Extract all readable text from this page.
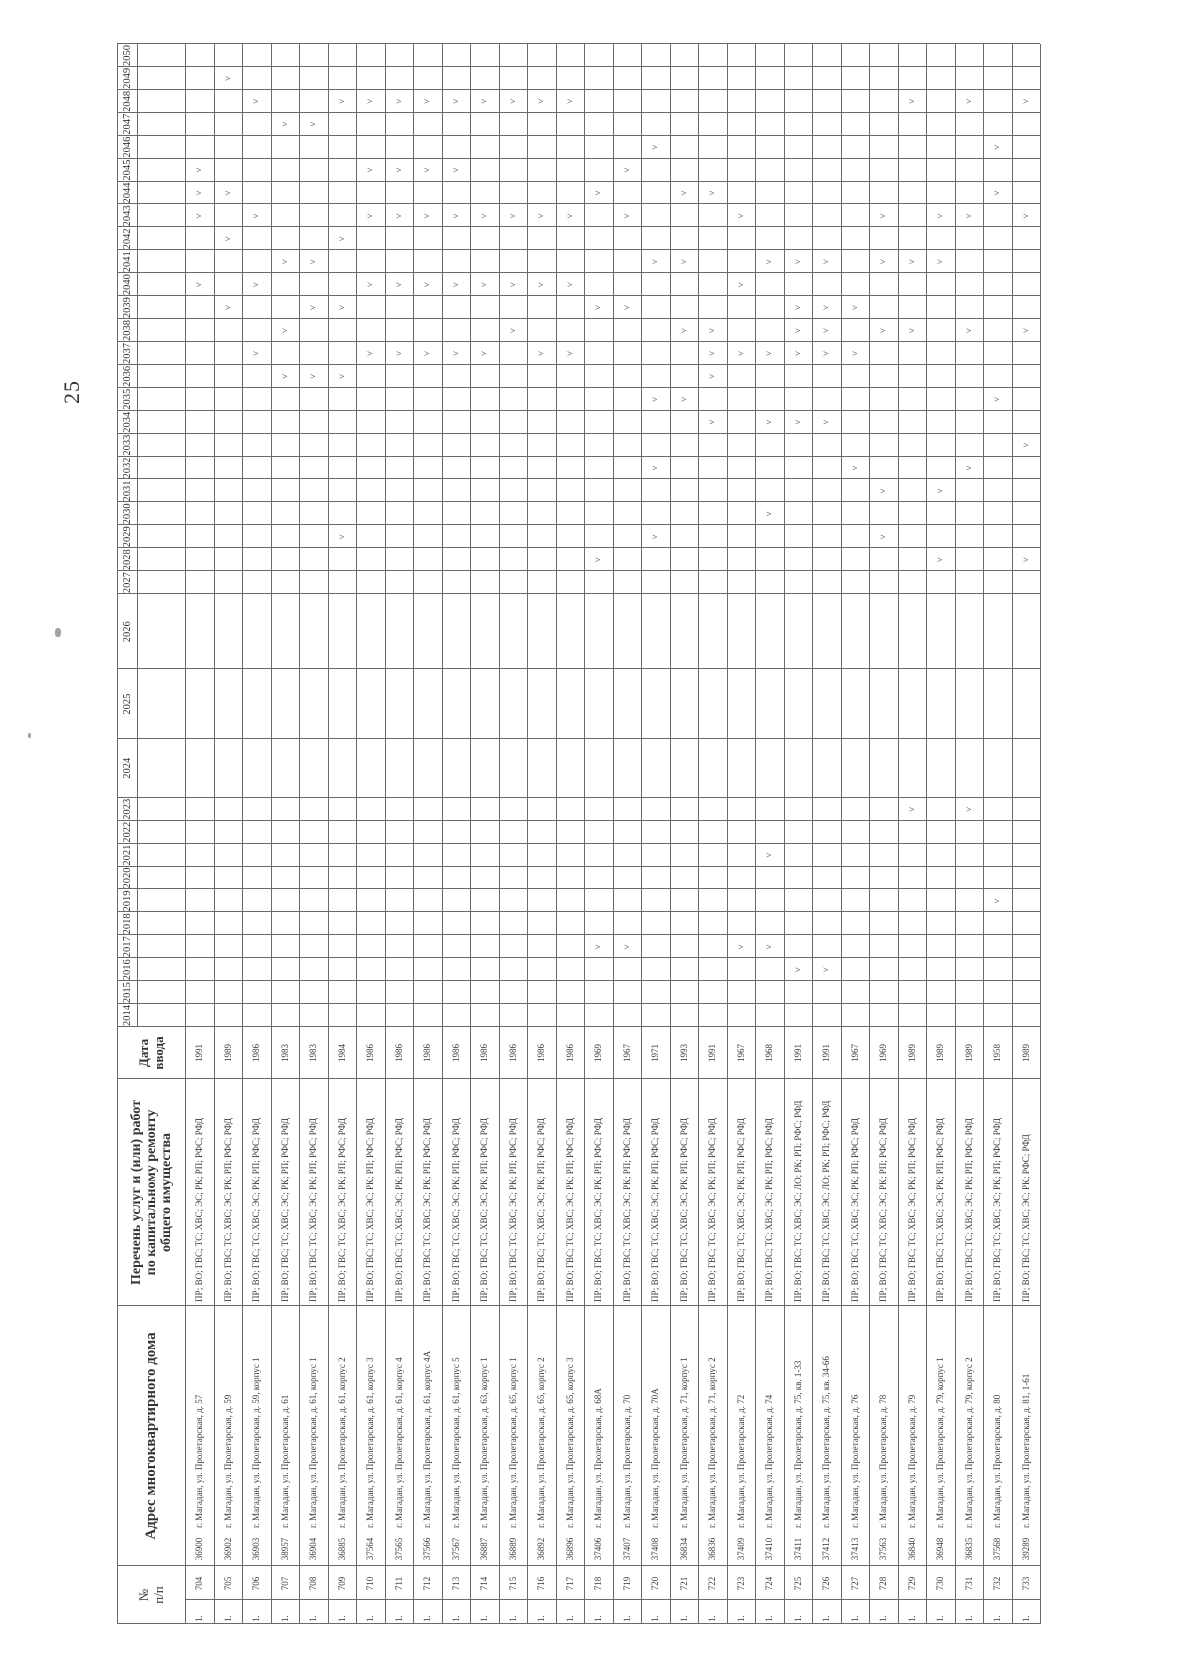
25
№
п/п
Адрес многоквартирного дома
Перечень услуг и (или) работ по капитальному ремонту общего имущества
Дата
ввода
2014
2015
2016
2017
2018
2019
2020
2021
2022
2023
2024
2025
2026
2027
2028
2029
2030
2031
2032
2033
2034
2035
2036
2037
2038
2039
2040
2041
2042
2043
2044
2045
2046
2047
2048
2049
2050
1.
704
36900
г. Магадан, ул. Пролетарская, д. 57
ПР; ВО; ГВС; ТС; ХВС; ЭС; РК; РП; РФС; РФД
1991
˅
˅
˅
˅
1.
705
36902
г. Магадан, ул. Пролетарская, д. 59
ПР; ВО; ГВС; ТС; ХВС; ЭС; РК; РП; РФС; РФД
1989
˅
˅
˅
˅
1.
706
36903
г. Магадан, ул. Пролетарская, д. 59, корпус 1
ПР; ВО; ГВС; ТС; ХВС; ЭС; РК; РП; РФС; РФД
1986
˅
˅
˅
˅
1.
707
38957
г. Магадан, ул. Пролетарская, д. 61
ПР; ВО; ГВС; ТС; ХВС; ЭС; РК; РП; РФС; РФД
1983
˅
˅
˅
˅
1.
708
36904
г. Магадан, ул. Пролетарская, д. 61, корпус 1
ПР; ВО; ГВС; ТС; ХВС; ЭС; РК; РП; РФС; РФД
1983
˅
˅
˅
˅
1.
709
36885
г. Магадан, ул. Пролетарская, д. 61, корпус 2
ПР; ВО; ГВС; ТС; ХВС; ЭС; РК; РП; РФС; РФД
1984
˅
˅
˅
˅
˅
1.
710
37564
г. Магадан, ул. Пролетарская, д. 61, корпус 3
ПР; ВО; ГВС; ТС; ХВС; ЭС; РК; РП; РФС; РФД
1986
˅
˅
˅
˅
˅
1.
711
37565
г. Магадан, ул. Пролетарская, д. 61, корпус 4
ПР; ВО; ГВС; ТС; ХВС; ЭС; РК; РП; РФС; РФД
1986
˅
˅
˅
˅
˅
1.
712
37566
г. Магадан, ул. Пролетарская, д. 61, корпус 4А
ПР; ВО; ГВС; ТС; ХВС; ЭС; РК; РП; РФС; РФД
1986
˅
˅
˅
˅
˅
1.
713
37567
г. Магадан, ул. Пролетарская, д. 61, корпус 5
ПР; ВО; ГВС; ТС; ХВС; ЭС; РК; РП; РФС; РФД
1986
˅
˅
˅
˅
˅
1.
714
36887
г. Магадан, ул. Пролетарская, д. 63, корпус 1
ПР; ВО; ГВС; ТС; ХВС; ЭС; РК; РП; РФС; РФД
1986
˅
˅
˅
˅
1.
715
36889
г. Магадан, ул. Пролетарская, д. 65, корпус 1
ПР; ВО; ГВС; ТС; ХВС; ЭС; РК; РП; РФС; РФД
1986
˅
˅
˅
˅
1.
716
36892
г. Магадан, ул. Пролетарская, д. 65, корпус 2
ПР; ВО; ГВС; ТС; ХВС; ЭС; РК; РП; РФС; РФД
1986
˅
˅
˅
˅
1.
717
36896
г. Магадан, ул. Пролетарская, д. 65, корпус 3
ПР; ВО; ГВС; ТС; ХВС; ЭС; РК; РП; РФС; РФД
1986
˅
˅
˅
˅
1.
718
37406
г. Магадан, ул. Пролетарская, д. 68А
ПР; ВО; ГВС; ТС; ХВС; ЭС; РК; РП; РФС; РФД
1969
˅
˅
˅
˅
1.
719
37407
г. Магадан, ул. Пролетарская, д. 70
ПР; ВО; ГВС; ТС; ХВС; ЭС; РК; РП; РФС; РФД
1967
˅
˅
˅
˅
1.
720
37408
г. Магадан, ул. Пролетарская, д. 70А
ПР; ВО; ГВС; ТС; ХВС; ЭС; РК; РП; РФС; РФД
1971
˅
˅
˅
˅
˅
1.
721
36834
г. Магадан, ул. Пролетарская, д. 71, корпус 1
ПР; ВО; ГВС; ТС; ХВС; ЭС; РК; РП; РФС; РФД
1993
˅
˅
˅
˅
1.
722
36836
г. Магадан, ул. Пролетарская, д. 71, корпус 2
ПР; ВО; ГВС; ТС; ХВС; ЭС; РК; РП; РФС; РФД
1991
˅
˅
˅
˅
˅
1.
723
37409
г. Магадан, ул. Пролетарская, д. 72
ПР; ВО; ГВС; ТС; ХВС; ЭС; РК; РП; РФС; РФД
1967
˅
˅
˅
˅
1.
724
37410
г. Магадан, ул. Пролетарская, д. 74
ПР; ВО; ГВС; ТС; ХВС; ЭС; РК; РП; РФС; РФД
1968
˅
˅
˅
˅
˅
˅
1.
725
37411
г. Магадан, ул. Пролетарская, д. 75, кв. 1-33
ПР; ВО; ГВС; ТС; ХВС; ЭС; ЛО; РК; РП; РФС; РФД
1991
˅
˅
˅
˅
˅
˅
1.
726
37412
г. Магадан, ул. Пролетарская, д. 75, кв. 34-66
ПР; ВО; ГВС; ТС; ХВС; ЭС; ЛО; РК; РП; РФС; РФД
1991
˅
˅
˅
˅
˅
˅
1.
727
37413
г. Магадан, ул. Пролетарская, д. 76
ПР; ВО; ГВС; ТС; ХВС; ЭС; РК; РП; РФС; РФД
1967
˅
˅
˅
1.
728
37563
г. Магадан, ул. Пролетарская, д. 78
ПР; ВО; ГВС; ТС; ХВС; ЭС; РК; РП; РФС; РФД
1969
˅
˅
˅
˅
˅
1.
729
36840
г. Магадан, ул. Пролетарская, д. 79
ПР; ВО; ГВС; ТС; ХВС; ЭС; РК; РП; РФС; РФД
1989
˅
˅
˅
˅
1.
730
36948
г. Магадан, ул. Пролетарская, д. 79, корпус 1
ПР; ВО; ГВС; ТС; ХВС; ЭС; РК; РП; РФС; РФД
1989
˅
˅
˅
˅
1.
731
36835
г. Магадан, ул. Пролетарская, д. 79, корпус 2
ПР; ВО; ГВС; ТС; ХВС; ЭС; РК; РП; РФС; РФД
1989
˅
˅
˅
˅
˅
1.
732
37568
г. Магадан, ул. Пролетарская, д. 80
ПР; ВО; ГВС; ТС; ХВС; ЭС; РК; РП; РФС; РФД
1958
˅
˅
˅
˅
1.
733
39289
г. Магадан, ул. Пролетарская, д. 81, 1-61
ПР; ВО; ГВС; ТС; ХВС; ЭС; РК; РФС; РФД
1989
˅
˅
˅
˅
˅
